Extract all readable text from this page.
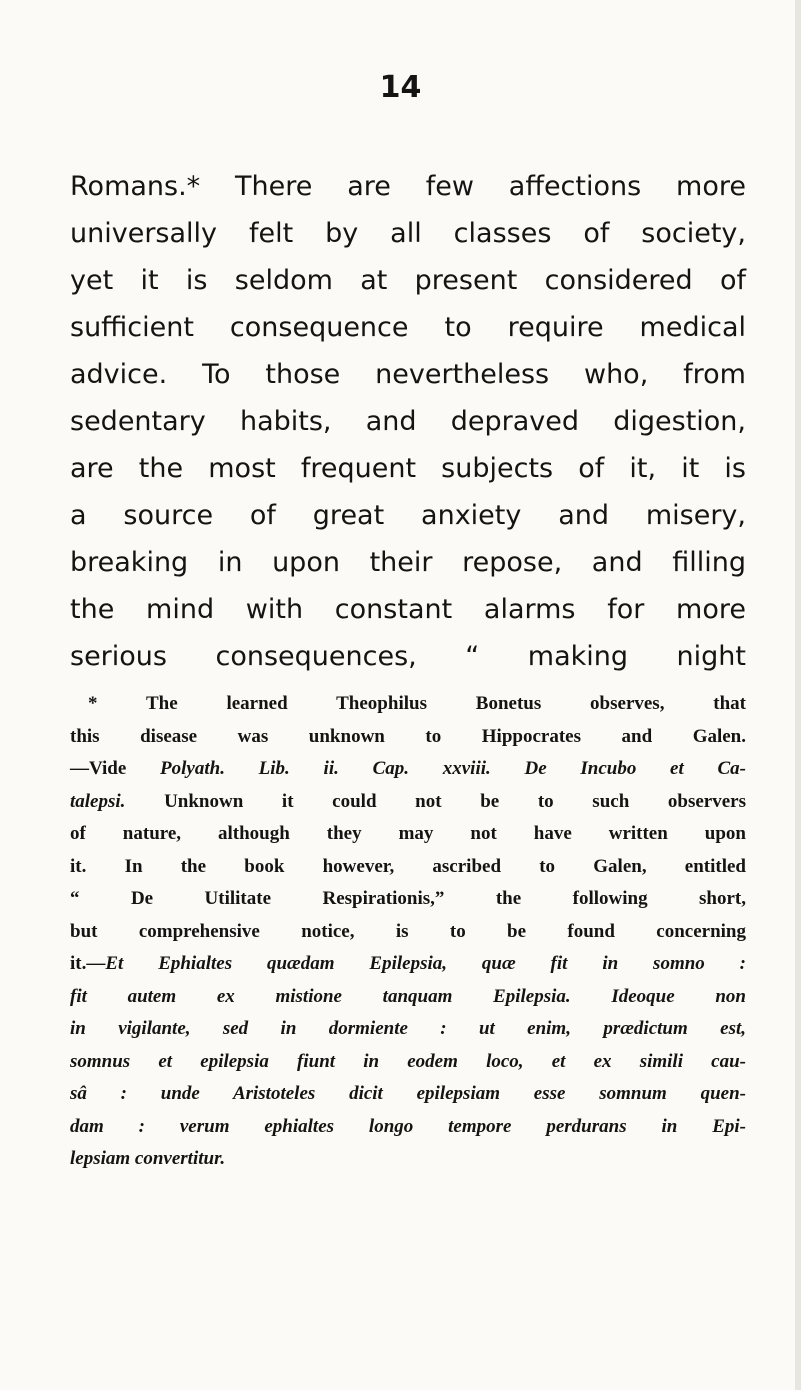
14
Romans.* There are few affections more
universally felt by all classes of society,
yet it is seldom at present considered of
sufficient consequence to require medical
advice. To those nevertheless who, from
sedentary habits, and depraved digestion,
are the most frequent subjects of it, it is
a source of great anxiety and misery,
breaking in upon their repose, and filling
the mind with constant alarms for more
serious consequences, “ making night
* The learned Theophilus Bonetus observes, that
this disease was unknown to Hippocrates and Galen.
—Vide Polyath. Lib. ii. Cap. xxviii. De Incubo et Ca-
talepsi. Unknown it could not be to such observers
of nature, although they may not have written upon
it. In the book however, ascribed to Galen, entitled
“ De Utilitate Respirationis,” the following short,
but comprehensive notice, is to be found concerning
it.—Et Ephialtes quædam Epilepsia, quæ fit in somno :
fit autem ex mistione tanquam Epilepsia. Ideoque non
in vigilante, sed in dormiente : ut enim, prædictum est,
somnus et epilepsia fiunt in eodem loco, et ex simili cau-
sâ : unde Aristoteles dicit epilepsiam esse somnum quen-
dam : verum ephialtes longo tempore perdurans in Epi-
lepsiam convertitur.
